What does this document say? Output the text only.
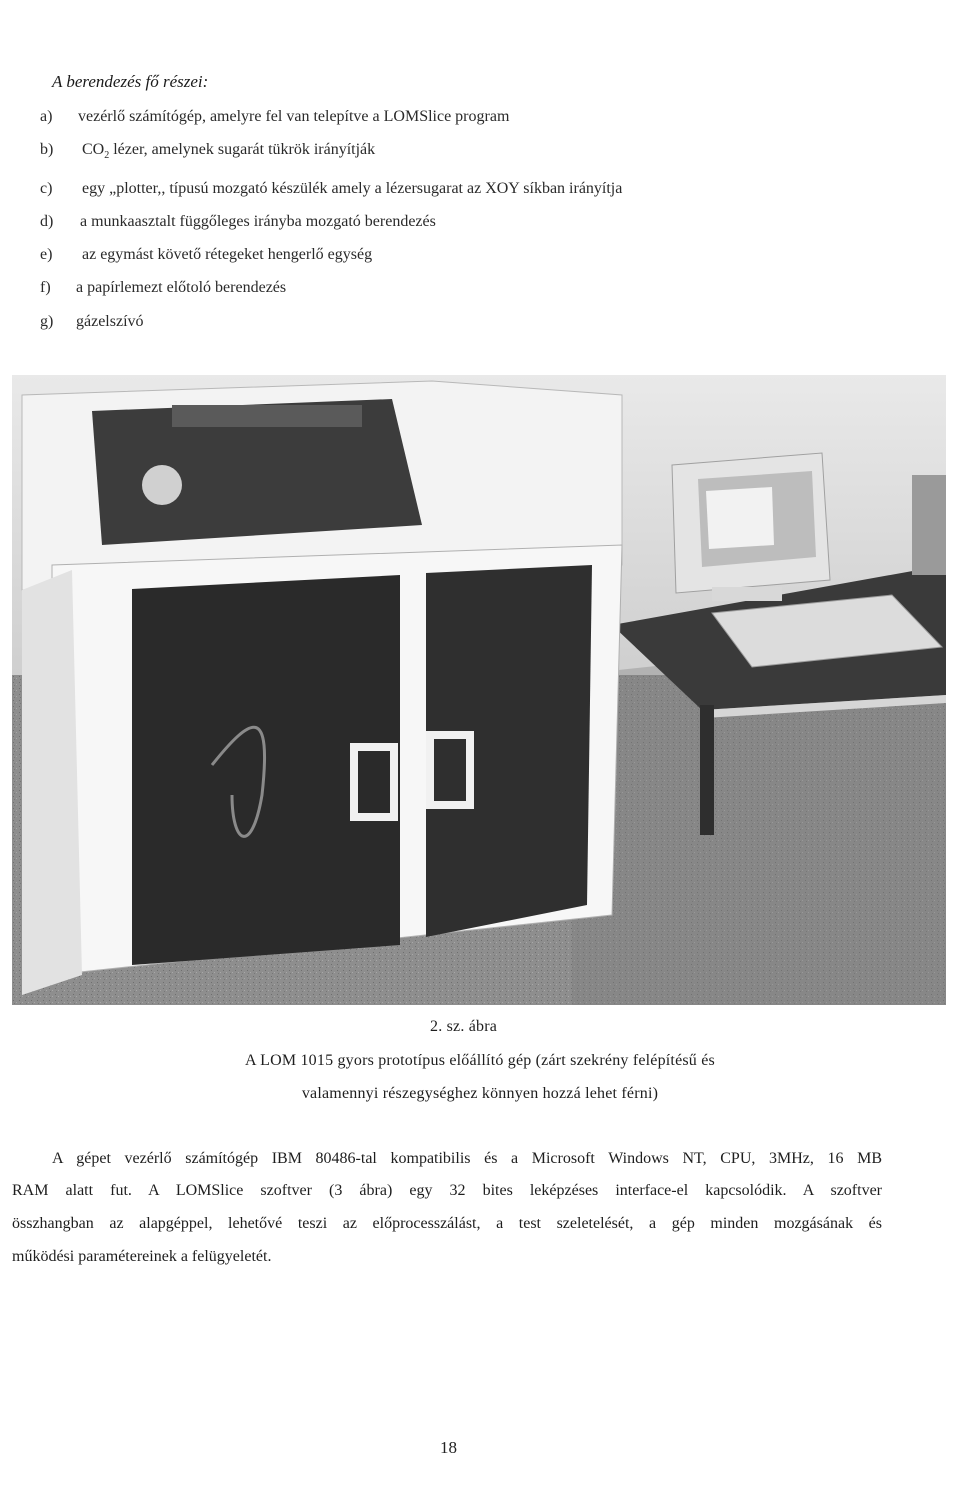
A berendezés fő részei:
a) vezérlő számítógép, amelyre fel van telepítve a LOMSlice program
b) $CO_2$ lézer, amelynek sugarát tükrök irányítják
c) egy „plotter,, típusú mozgató készülék amely a lézersugarat az XOY síkban irányítja
d) a munkaasztalt függőleges irányba mozgató berendezés
e) az egymást követő rétegeket hengerlő egység
f) a papírlemezt előtoló berendezés
g) gázelszívó
2. sz. ábra
A LOM 1015 gyors prototípus előállító gép (zárt szekrény felépítésű és
valamennyi részegységhez könnyen hozzá lehet férni)
A gépet vezérlő számítógép IBM 80486-tal kompatibilis és a Microsoft Windows NT, CPU, 3MHz, 16 MB
RAM alatt fut. A LOMSlice szoftver (3 ábra) egy 32 bites leképzéses interface-el kapcsolódik. A szoftver
összhangban az alapgéppel, lehetővé teszi az előprocesszálást, a test szeletelését, a gép minden mozgásának és
működési paramétereinek a felügyeletét.
18
